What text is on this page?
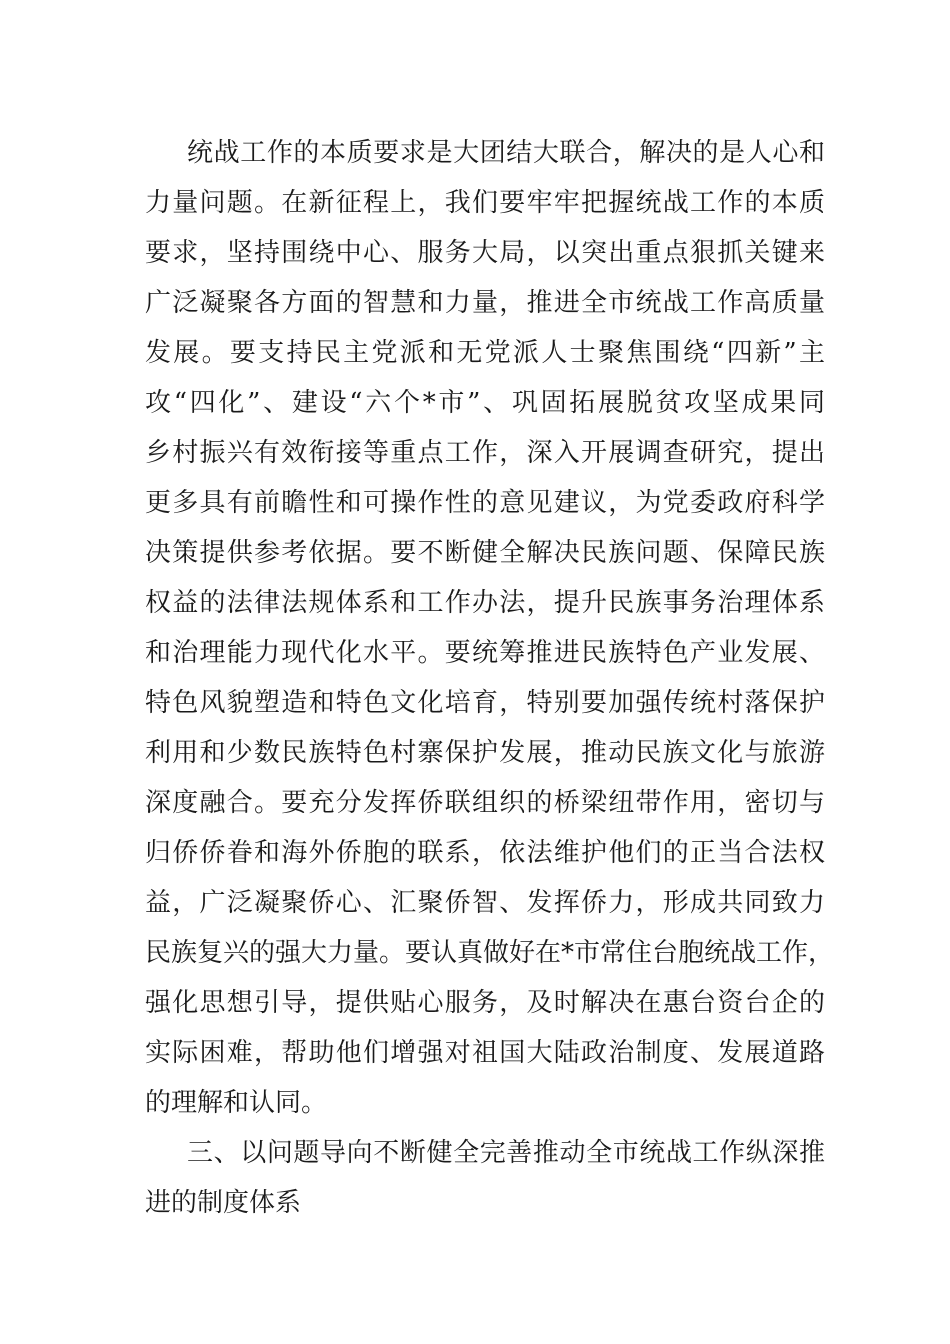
统战工作的本质要求是大团结大联合，解决的是人心和
力量问题。在新征程上，我们要牢牢把握统战工作的本质
要求，坚持围绕中心、服务大局，以突出重点狠抓关键来
广泛凝聚各方面的智慧和力量，推进全市统战工作高质量
发展。要支持民主党派和无党派人士聚焦围绕“四新”主
攻“四化”、建设“六个*市”、巩固拓展脱贫攻坚成果同
乡村振兴有效衔接等重点工作，深入开展调查研究，提出
更多具有前瞻性和可操作性的意见建议，为党委政府科学
决策提供参考依据。要不断健全解决民族问题、保障民族
权益的法律法规体系和工作办法，提升民族事务治理体系
和治理能力现代化水平。要统筹推进民族特色产业发展、
特色风貌塑造和特色文化培育，特别要加强传统村落保护
利用和少数民族特色村寨保护发展，推动民族文化与旅游
深度融合。要充分发挥侨联组织的桥梁纽带作用，密切与
归侨侨眷和海外侨胞的联系，依法维护他们的正当合法权
益，广泛凝聚侨心、汇聚侨智、发挥侨力，形成共同致力
民族复兴的强大力量。要认真做好在*市常住台胞统战工作，
强化思想引导，提供贴心服务，及时解决在惠台资台企的
实际困难，帮助他们增强对祖国大陆政治制度、发展道路
的理解和认同。
三、以问题导向不断健全完善推动全市统战工作纵深推
进的制度体系
